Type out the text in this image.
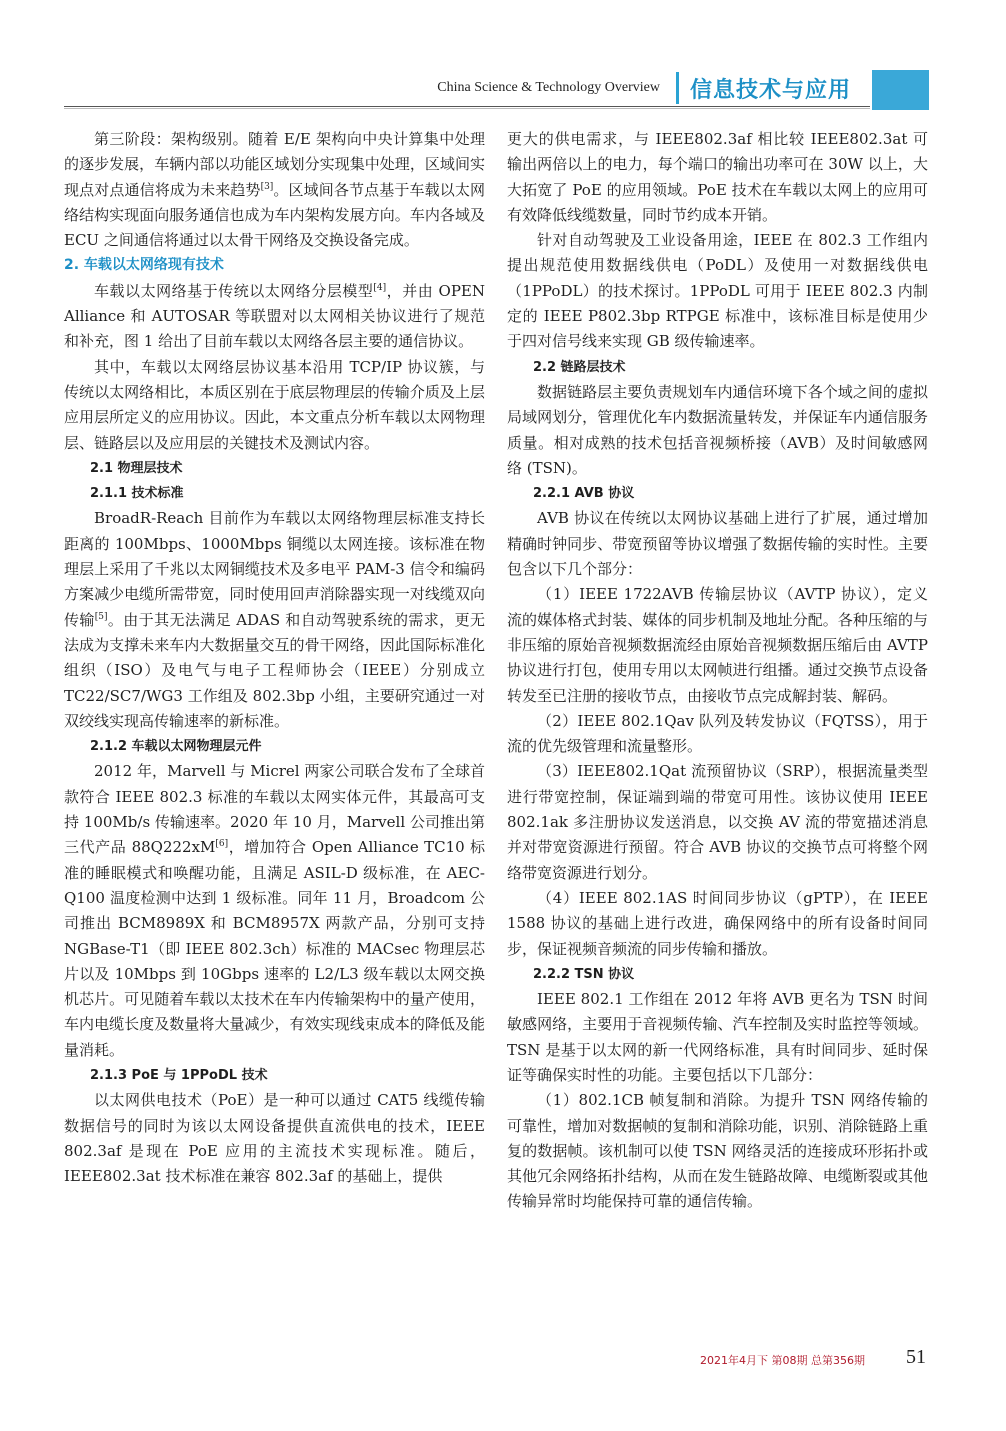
China Science & Technology Overview 信息技术与应用

第三阶段：架构级别。随着 E/E 架构向中央计算集中处理的逐步发展，车辆内部以功能区域划分实现集中处理，区域间实现点对点通信将成为未来趋势[3]。区域间各节点基于车载以太网络结构实现面向服务通信也成为车内架构发展方向。车内各域及 ECU 之间通信将通过以太骨干网络及交换设备完成。

2. 车载以太网络现有技术

车载以太网络基于传统以太网络分层模型[4]，并由 OPEN Alliance 和 AUTOSAR 等联盟对以太网相关协议进行了规范和补充，图 1 给出了目前车载以太网络各层主要的通信协议。

其中，车载以太网络层协议基本沿用 TCP/IP 协议簇，与传统以太网络相比，本质区别在于底层物理层的传输介质及上层应用层所定义的应用协议。因此，本文重点分析车载以太网物理层、链路层以及应用层的关键技术及测试内容。

2.1 物理层技术

2.1.1 技术标准

BroadR-Reach 目前作为车载以太网络物理层标准支持长距离的 100Mbps、1000Mbps 铜缆以太网连接。该标准在物理层上采用了千兆以太网铜缆技术及多电平 PAM-3 信令和编码方案减少电缆所需带宽，同时使用回声消除器实现一对线缆双向传输[5]。由于其无法满足 ADAS 和自动驾驶系统的需求，更无法成为支撑未来车内大数据量交互的骨干网络，因此国际标准化组织（ISO）及电气与电子工程师协会（IEEE）分别成立 TC22/SC7/WG3 工作组及 802.3bp 小组，主要研究通过一对双绞线实现高传输速率的新标准。

2.1.2 车载以太网物理层元件

2012 年，Marvell 与 Micrel 两家公司联合发布了全球首款符合 IEEE 802.3 标准的车载以太网实体元件，其最高可支持 100Mb/s 传输速率。2020 年 10 月，Marvell 公司推出第三代产品 88Q222xM[6]，增加符合 Open Alliance TC10 标准的睡眠模式和唤醒功能，且满足 ASIL-D 级标准，在 AEC-Q100 温度检测中达到 1 级标准。同年 11 月，Broadcom 公司推出 BCM8989X 和 BCM8957X 两款产品，分别可支持 NGBase-T1（即 IEEE 802.3ch）标准的 MACsec 物理层芯片以及 10Mbps 到 10Gbps 速率的 L2/L3 级车载以太网交换机芯片。可见随着车载以太技术在车内传输架构中的量产使用，车内电缆长度及数量将大量减少，有效实现线束成本的降低及能量消耗。

2.1.3 PoE 与 1PPoDL 技术

以太网供电技术（PoE）是一种可以通过 CAT5 线缆传输数据信号的同时为该以太网设备提供直流供电的技术，IEEE 802.3af 是现在 PoE 应用的主流技术实现标准。随后，IEEE802.3at 技术标准在兼容 802.3af 的基础上，提供

更大的供电需求，与 IEEE802.3af 相比较 IEEE802.3at 可输出两倍以上的电力，每个端口的输出功率可在 30W 以上，大大拓宽了 PoE 的应用领域。PoE 技术在车载以太网上的应用可有效降低线缆数量，同时节约成本开销。

针对自动驾驶及工业设备用途，IEEE 在 802.3 工作组内提出规范使用数据线供电（PoDL）及使用一对数据线供电（1PPoDL）的技术探讨。1PPoDL 可用于 IEEE 802.3 内制定的 IEEE P802.3bp RTPGE 标准中，该标准目标是使用少于四对信号线来实现 GB 级传输速率。

2.2 链路层技术

数据链路层主要负责规划车内通信环境下各个域之间的虚拟局域网划分，管理优化车内数据流量转发，并保证车内通信服务质量。相对成熟的技术包括音视频桥接（AVB）及时间敏感网络 (TSN)。

2.2.1 AVB 协议

AVB 协议在传统以太网协议基础上进行了扩展，通过增加精确时钟同步、带宽预留等协议增强了数据传输的实时性。主要包含以下几个部分：

（1）IEEE 1722AVB 传输层协议（AVTP 协议），定义流的媒体格式封装、媒体的同步机制及地址分配。各种压缩的与非压缩的原始音视频数据流经由原始音视频数据压缩后由 AVTP 协议进行打包，使用专用以太网帧进行组播。通过交换节点设备转发至已注册的接收节点，由接收节点完成解封装、解码。

（2）IEEE 802.1Qav 队列及转发协议（FQTSS），用于流的优先级管理和流量整形。

（3）IEEE802.1Qat 流预留协议（SRP），根据流量类型进行带宽控制，保证端到端的带宽可用性。该协议使用 IEEE 802.1ak 多注册协议发送消息，以交换 AV 流的带宽描述消息并对带宽资源进行预留。符合 AVB 协议的交换节点可将整个网络带宽资源进行划分。

（4）IEEE 802.1AS 时间同步协议（gPTP），在 IEEE 1588 协议的基础上进行改进，确保网络中的所有设备时间同步，保证视频音频流的同步传输和播放。

2.2.2 TSN 协议

IEEE 802.1 工作组在 2012 年将 AVB 更名为 TSN 时间敏感网络，主要用于音视频传输、汽车控制及实时监控等领域。TSN 是基于以太网的新一代网络标准，具有时间同步、延时保证等确保实时性的功能。主要包括以下几部分：

（1）802.1CB 帧复制和消除。为提升 TSN 网络传输的可靠性，增加对数据帧的复制和消除功能，识别、消除链路上重复的数据帧。该机制可以使 TSN 网络灵活的连接成环形拓扑或其他冗余网络拓扑结构，从而在发生链路故障、电缆断裂或其他传输异常时均能保持可靠的通信传输。

2021年4月下 第08期 总第356期 51
